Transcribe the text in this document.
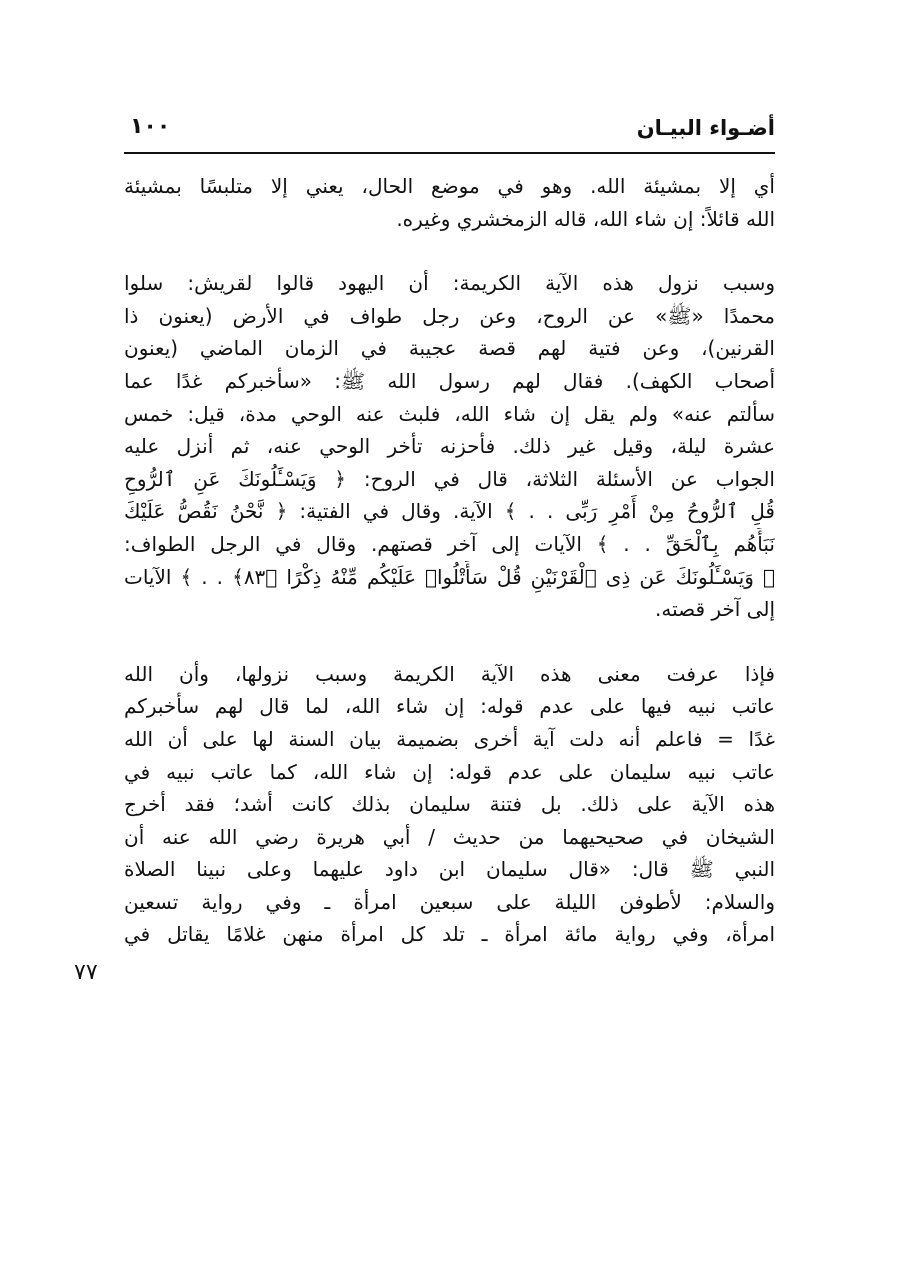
أضـواء البيـان
١٠٠
٧٧
أي إلا بمشيئة الله. وهو في موضع الحال، يعني إلا متلبسًا بمشيئة
الله قائلاً: إن شاء الله، قاله الزمخشري وغيره.
وسبب نزول هذه الآية الكريمة: أن اليهود قالوا لقريش: سلوا
محمدًا «ﷺ» عن الروح، وعن رجل طواف في الأرض (يعنون ذا
القرنين)، وعن فتية لهم قصة عجيبة في الزمان الماضي (يعنون
أصحاب الكهف). فقال لهم رسول الله ﷺ: «سأخبركم غدًا عما
سألتم عنه» ولم يقل إن شاء الله، فلبث عنه الوحي مدة، قيل: خمس
عشرة ليلة، وقيل غير ذلك. فأحزنه تأخر الوحي عنه، ثم أنزل عليه
الجواب عن الأسئلة الثلاثة، قال في الروح: ﴿ وَيَسْـَٔلُونَكَ عَنِ ٱلرُّوحِ
قُلِ ٱلرُّوحُ مِنْ أَمْرِ رَبِّى . . ﴾ الآية. وقال في الفتية: ﴿ نَّحْنُ نَقُصُّ عَلَيْكَ
نَبَأَهُم بِٱلْحَقِّ . . ﴾ الآيات إلى آخر قصتهم. وقال في الرجل الطواف:
﴿ وَيَسْـَٔلُونَكَ عَن ذِى ٱلْقَرْنَيْنِ قُلْ سَأَتْلُوا۟ عَلَيْكُم مِّنْهُ ذِكْرًا ﴿٨٣﴾ . . ﴾ الآيات
إلى آخر قصته.
فإذا عرفت معنى هذه الآية الكريمة وسبب نزولها، وأن الله
عاتب نبيه فيها على عدم قوله: إن شاء الله، لما قال لهم سأخبركم
غدًا = فاعلم أنه دلت آية أخرى بضميمة بيان السنة لها على أن الله
عاتب نبيه سليمان على عدم قوله: إن شاء الله، كما عاتب نبيه في
هذه الآية على ذلك. بل فتنة سليمان بذلك كانت أشد؛ فقد أخرج
الشيخان في صحيحيهما من حديث / أبي هريرة رضي الله عنه أن
النبي ﷺ قال: «قال سليمان ابن داود عليهما وعلى نبينا الصلاة
والسلام: لأطوفن الليلة على سبعين امرأة ـ وفي رواية تسعين
امرأة، وفي رواية مائة امرأة ـ تلد كل امرأة منهن غلامًا يقاتل في
